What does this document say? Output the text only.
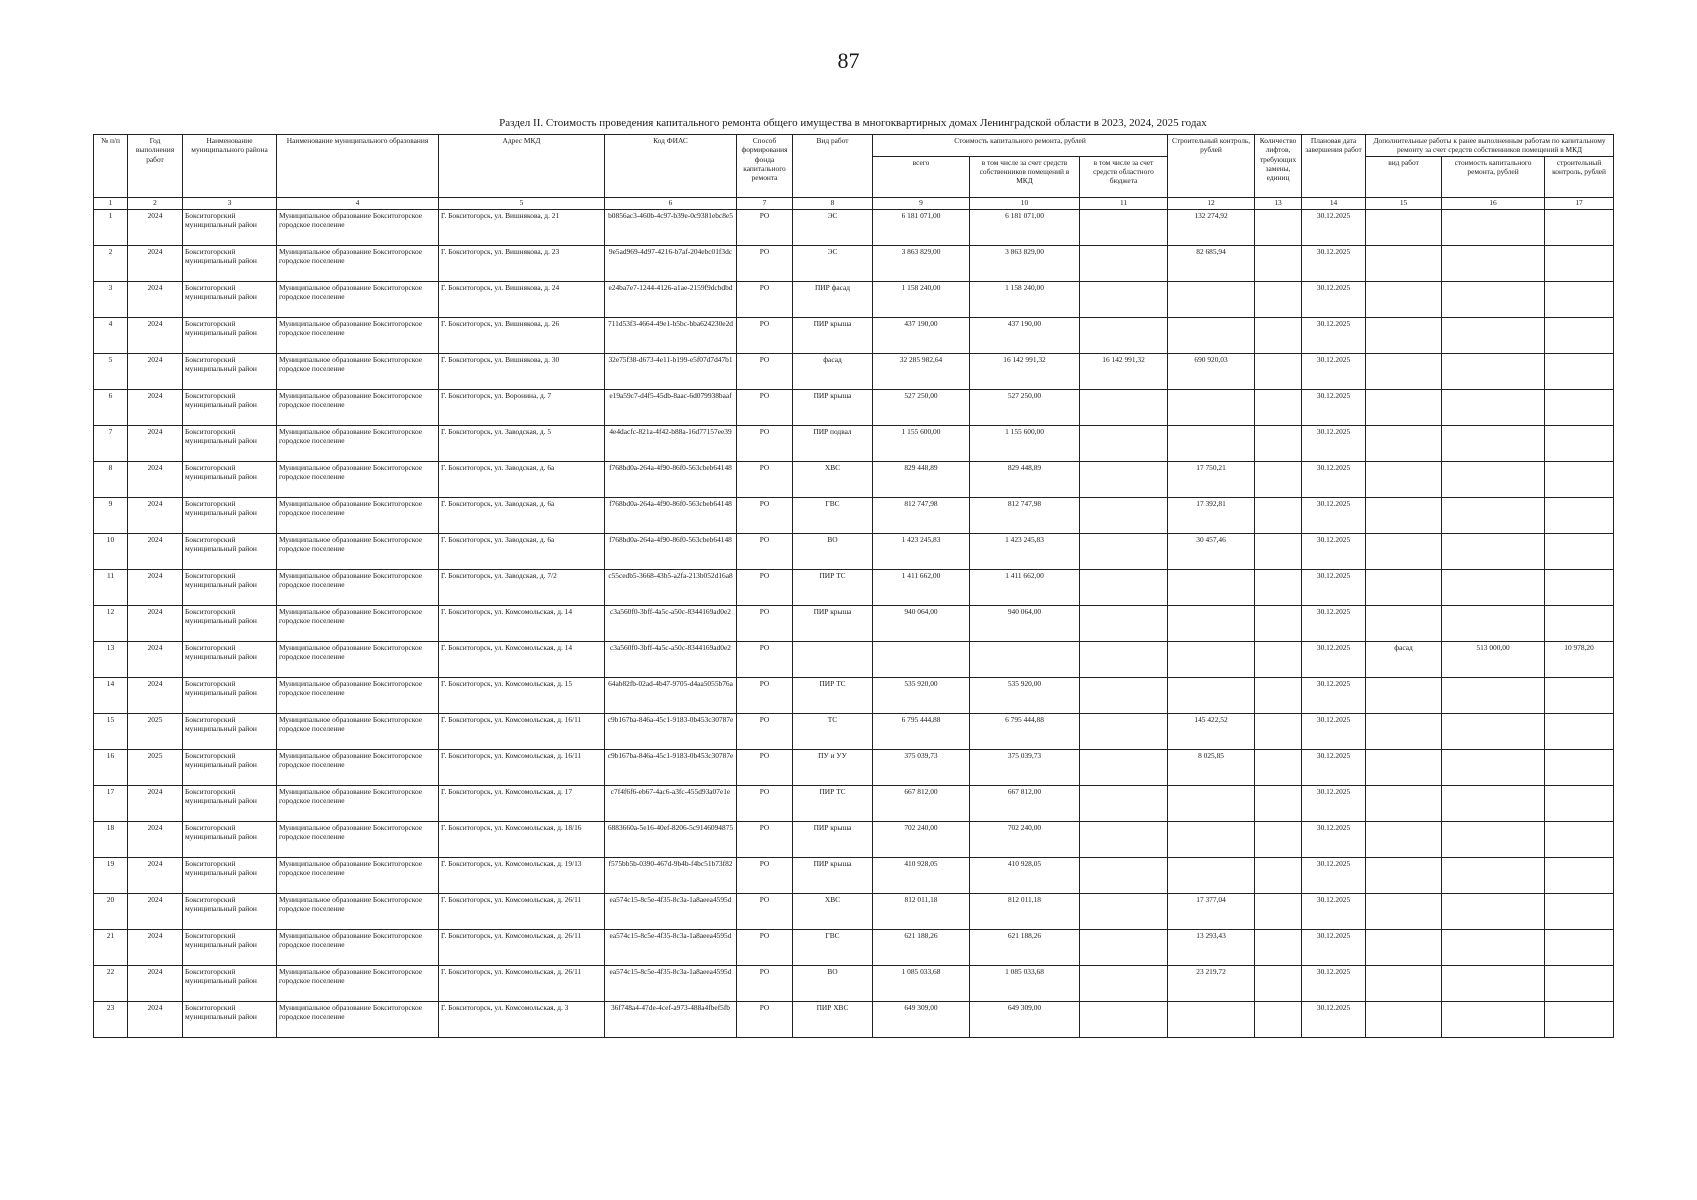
87
Раздел II. Стоимость проведения капитального ремонта общего имущества в многоквартирных домах Ленинградской области в 2023, 2024, 2025 годах
№ п/п	Год выполнения работ	Наименование муниципального района	Наименование муниципального образования	Адрес МКД	Код ФИАС	Способ формирования фонда капитального ремонта	Вид работ	Стоимость капитального ремонта, рублей			Строительный контроль, рублей	Количество лифтов, требующих замены, единиц	Плановая дата завершения работ	Дополнительные работы к ранее выполненным работам по капитальному ремонту за счет средств собственников помещений в МКД		
								всего	в том числе за счет средств собственников помещений в МКД	в том числе за счет средств областного бюджета				вид работ	стоимость капитального ремонта, рублей	строительный контроль, рублей
1	2	3	4	5	6	7	8	9	10	11	12	13	14	15	16	17
1	2024	Бокситогорский муниципальный район	Муниципальное образование Бокситогорское городское поселение	Г. Бокситогорск, ул. Вишнякова, д. 21	b0856ac3-460b-4c97-b39e-0c9381ebc8e5	РО	ЭС	6 181 071,00	6 181 071,00		132 274,92		30.12.2025			
2	2024	Бокситогорский муниципальный район	Муниципальное образование Бокситогорское городское поселение	Г. Бокситогорск, ул. Вишнякова, д. 23	9e5ad969-4d97-4216-b7af-204ebc01f3dc	РО	ЭС	3 863 829,00	3 863 829,00		82 685,94		30.12.2025			
3	2024	Бокситогорский муниципальный район	Муниципальное образование Бокситогорское городское поселение	Г. Бокситогорск, ул. Вишнякова, д. 24	e24ba7e7-1244-4126-a1ae-2159f9dcbdbd	РО	ПИР фасад	1 158 240,00	1 158 240,00				30.12.2025			
4	2024	Бокситогорский муниципальный район	Муниципальное образование Бокситогорское городское поселение	Г. Бокситогорск, ул. Вишнякова, д. 26	711d53f3-4664-49e1-b5bc-bba624230e2d	РО	ПИР крыша	437 190,00	437 190,00				30.12.2025			
5	2024	Бокситогорский муниципальный район	Муниципальное образование Бокситогорское городское поселение	Г. Бокситогорск, ул. Вишнякова, д. 30	32e75f38-d673-4e11-b199-e5f07d7d47b1	РО	фасад	32 285 982,64	16 142 991,32	16 142 991,32	690 920,03		30.12.2025			
6	2024	Бокситогорский муниципальный район	Муниципальное образование Бокситогорское городское поселение	Г. Бокситогорск, ул. Воронина, д. 7	e19a59c7-d4f5-45db-8aac-6d079938baaf	РО	ПИР крыша	527 250,00	527 250,00				30.12.2025			
7	2024	Бокситогорский муниципальный район	Муниципальное образование Бокситогорское городское поселение	Г. Бокситогорск, ул. Заводская, д. 5	4e4dacfc-821a-4f42-b88a-16d77157ee39	РО	ПИР подвал	1 155 600,00	1 155 600,00				30.12.2025			
8	2024	Бокситогорский муниципальный район	Муниципальное образование Бокситогорское городское поселение	Г. Бокситогорск, ул. Заводская, д. 6а	f768bd0a-264a-4f90-86f0-563cbeb64148	РО	ХВС	829 448,89	829 448,89		17 750,21		30.12.2025			
9	2024	Бокситогорский муниципальный район	Муниципальное образование Бокситогорское городское поселение	Г. Бокситогорск, ул. Заводская, д. 6а	f768bd0a-264a-4f90-86f0-563cbeb64148	РО	ГВС	812 747,98	812 747,98		17 392,81		30.12.2025			
10	2024	Бокситогорский муниципальный район	Муниципальное образование Бокситогорское городское поселение	Г. Бокситогорск, ул. Заводская, д. 6а	f768bd0a-264a-4f90-86f0-563cbeb64148	РО	ВО	1 423 245,83	1 423 245,83		30 457,46		30.12.2025			
11	2024	Бокситогорский муниципальный район	Муниципальное образование Бокситогорское городское поселение	Г. Бокситогорск, ул. Заводская, д. 7/2	c55cedb5-3668-43b5-a2fa-213b052d16a8	РО	ПИР ТС	1 411 662,00	1 411 662,00				30.12.2025			
12	2024	Бокситогорский муниципальный район	Муниципальное образование Бокситогорское городское поселение	Г. Бокситогорск, ул. Комсомольская, д. 14	c3a560f0-3bff-4a5c-a50c-8344169ad0e2	РО	ПИР крыша	940 064,00	940 064,00				30.12.2025			
13	2024	Бокситогорский муниципальный район	Муниципальное образование Бокситогорское городское поселение	Г. Бокситогорск, ул. Комсомольская, д. 14	c3a560f0-3bff-4a5c-a50c-8344169ad0e2	РО							30.12.2025	фасад	513 000,00	10 978,20
14	2024	Бокситогорский муниципальный район	Муниципальное образование Бокситогорское городское поселение	Г. Бокситогорск, ул. Комсомольская, д. 15	64ab82fb-02ad-4b47-9705-d4aa5055b76a	РО	ПИР ТС	535 920,00	535 920,00				30.12.2025			
15	2025	Бокситогорский муниципальный район	Муниципальное образование Бокситогорское городское поселение	Г. Бокситогорск, ул. Комсомольская, д. 16/11	c9b167ba-846a-45c1-9183-0b453c30787e	РО	ТС	6 795 444,88	6 795 444,88		145 422,52		30.12.2025			
16	2025	Бокситогорский муниципальный район	Муниципальное образование Бокситогорское городское поселение	Г. Бокситогорск, ул. Комсомольская, д. 16/11	c9b167ba-846a-45c1-9183-0b453c30787e	РО	ПУ и УУ	375 039,73	375 039,73		8 025,85		30.12.2025			
17	2024	Бокситогорский муниципальный район	Муниципальное образование Бокситогорское городское поселение	Г. Бокситогорск, ул. Комсомольская, д. 17	c7f4f6f6-eb67-4ac6-a3fc-455d93a07e1e	РО	ПИР ТС	667 812,00	667 812,00				30.12.2025			
18	2024	Бокситогорский муниципальный район	Муниципальное образование Бокситогорское городское поселение	Г. Бокситогорск, ул. Комсомольская, д. 18/16	6883660a-5e16-40ef-8206-5c9146094875	РО	ПИР крыша	702 240,00	702 240,00				30.12.2025			
19	2024	Бокситогорский муниципальный район	Муниципальное образование Бокситогорское городское поселение	Г. Бокситогорск, ул. Комсомольская, д. 19/13	f575bb5b-0390-467d-9b4b-f4bc51b73f82	РО	ПИР крыша	410 928,05	410 928,05				30.12.2025			
20	2024	Бокситогорский муниципальный район	Муниципальное образование Бокситогорское городское поселение	Г. Бокситогорск, ул. Комсомольская, д. 26/11	ea574c15-8c5e-4f35-8c3a-1a8aeea4595d	РО	ХВС	812 011,18	812 011,18		17 377,04		30.12.2025			
21	2024	Бокситогорский муниципальный район	Муниципальное образование Бокситогорское городское поселение	Г. Бокситогорск, ул. Комсомольская, д. 26/11	ea574c15-8c5e-4f35-8c3a-1a8aeea4595d	РО	ГВС	621 188,26	621 188,26		13 293,43		30.12.2025			
22	2024	Бокситогорский муниципальный район	Муниципальное образование Бокситогорское городское поселение	Г. Бокситогорск, ул. Комсомольская, д. 26/11	ea574c15-8c5e-4f35-8c3a-1a8aeea4595d	РО	ВО	1 085 033,68	1 085 033,68		23 219,72		30.12.2025			
23	2024	Бокситогорский муниципальный район	Муниципальное образование Бокситогорское городское поселение	Г. Бокситогорск, ул. Комсомольская, д. 3	36f748a4-47de-4cef-a973-488a4fbef5fb	РО	ПИР ХВС	649 309,00	649 309,00				30.12.2025			
